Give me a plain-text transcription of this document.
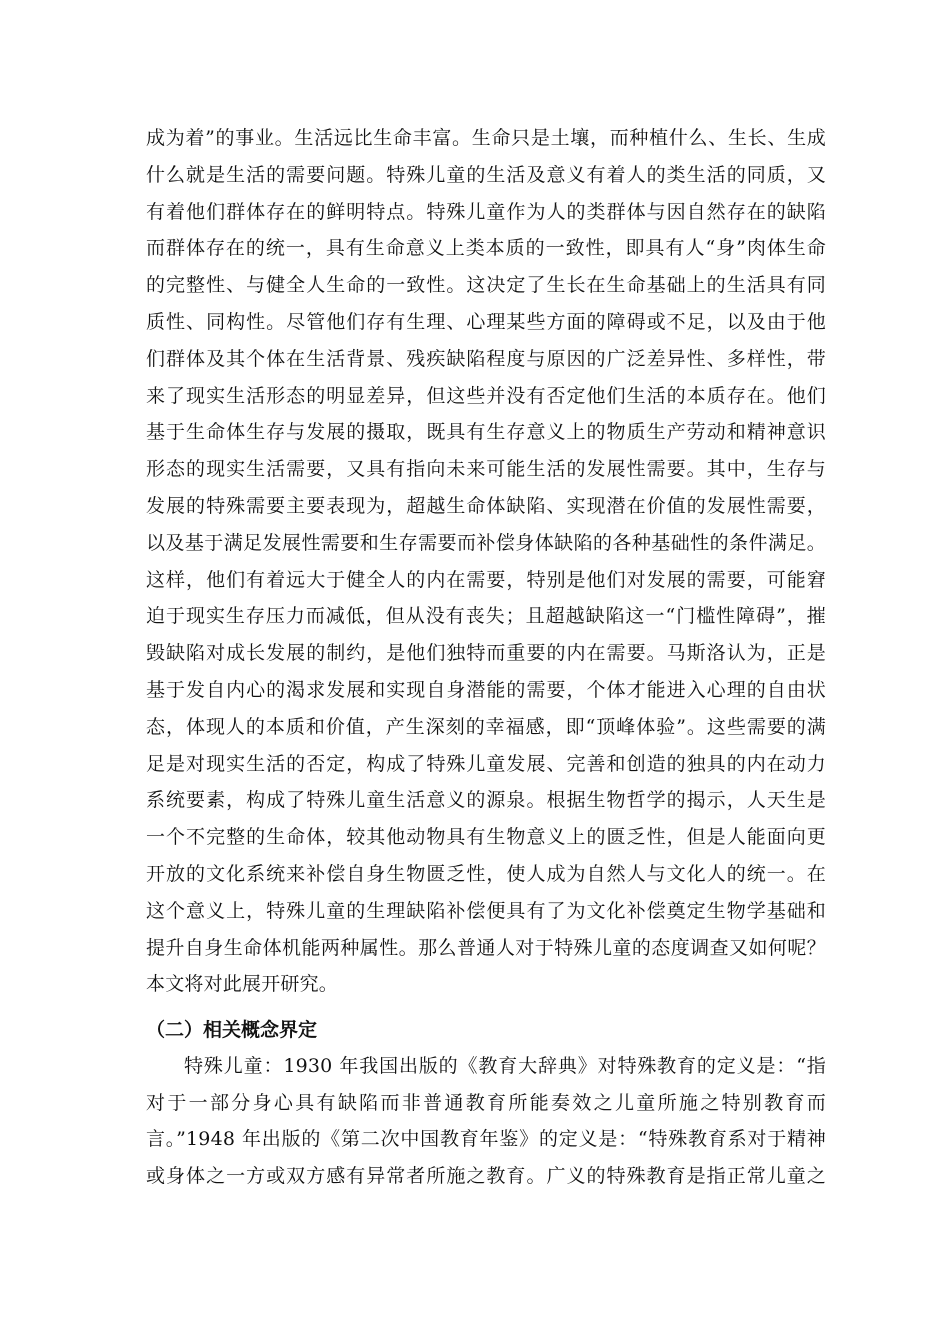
成为着”的事业。生活远比生命丰富。生命只是土壤，而种植什么、生长、生成
什么就是生活的需要问题。特殊儿童的生活及意义有着人的类生活的同质，又
有着他们群体存在的鲜明特点。特殊儿童作为人的类群体与因自然存在的缺陷
而群体存在的统一，具有生命意义上类本质的一致性，即具有人“身”肉体生命
的完整性、与健全人生命的一致性。这决定了生长在生命基础上的生活具有同
质性、同构性。尽管他们存有生理、心理某些方面的障碍或不足，以及由于他
们群体及其个体在生活背景、残疾缺陷程度与原因的广泛差异性、多样性，带
来了现实生活形态的明显差异，但这些并没有否定他们生活的本质存在。他们
基于生命体生存与发展的摄取，既具有生存意义上的物质生产劳动和精神意识
形态的现实生活需要，又具有指向未来可能生活的发展性需要。其中，生存与
发展的特殊需要主要表现为，超越生命体缺陷、实现潜在价值的发展性需要，
以及基于满足发展性需要和生存需要而补偿身体缺陷的各种基础性的条件满足。
这样，他们有着远大于健全人的内在需要，特别是他们对发展的需要，可能窘
迫于现实生存压力而减低，但从没有丧失；且超越缺陷这一“门槛性障碍”，摧
毁缺陷对成长发展的制约，是他们独特而重要的内在需要。马斯洛认为，正是
基于发自内心的渴求发展和实现自身潜能的需要，个体才能进入心理的自由状
态，体现人的本质和价值，产生深刻的幸福感，即“顶峰体验”。这些需要的满
足是对现实生活的否定，构成了特殊儿童发展、完善和创造的独具的内在动力
系统要素，构成了特殊儿童生活意义的源泉。根据生物哲学的揭示，人天生是
一个不完整的生命体，较其他动物具有生物意义上的匮乏性，但是人能面向更
开放的文化系统来补偿自身生物匮乏性，使人成为自然人与文化人的统一。在
这个意义上，特殊儿童的生理缺陷补偿便具有了为文化补偿奠定生物学基础和
提升自身生命体机能两种属性。那么普通人对于特殊儿童的态度调查又如何呢？
本文将对此展开研究。
（二）相关概念界定
特殊儿童：1930 年我国出版的《教育大辞典》对特殊教育的定义是：“指
对于一部分身心具有缺陷而非普通教育所能奏效之儿童所施之特别教育而
言。”1948 年出版的《第二次中国教育年鉴》的定义是：“特殊教育系对于精神
或身体之一方或双方感有异常者所施之教育。广义的特殊教育是指正常儿童之
